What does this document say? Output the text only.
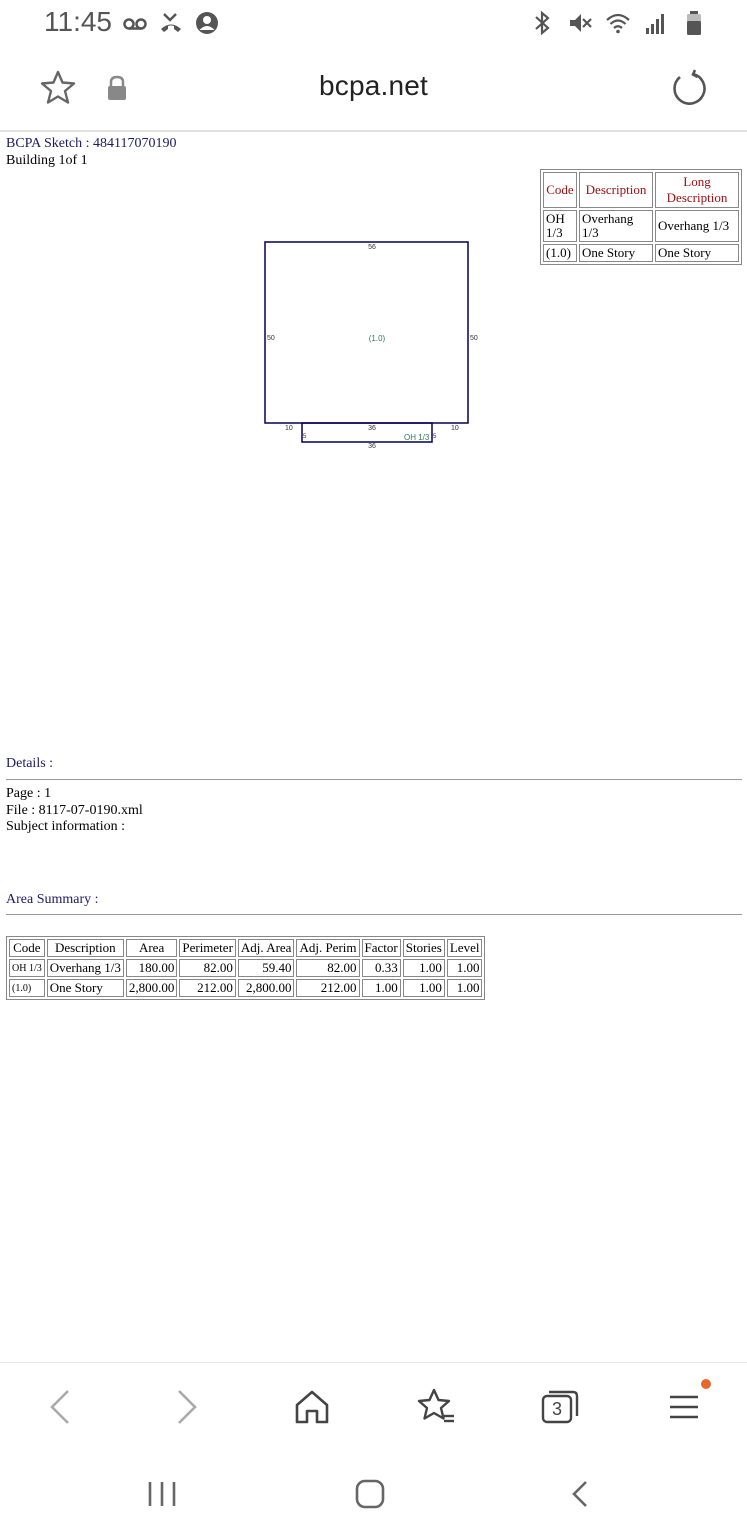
11:45
bcpa.net
BCPA Sketch : 484117070190
Building 1of 1
Code	Description	Long Description
OH 1/3	Overhang 1/3	Overhang 1/3
(1.0)	One Story	One Story
56
50	50
(1.0)
10	10
36
5	5
OH 1/3
36
Details :
Page : 1
File : 8117-07-0190.xml
Subject information :
Area Summary :
Code	Description	Area	Perimeter	Adj. Area	Adj. Perim	Factor	Stories	Level
OH 1/3	Overhang 1/3	180.00	82.00	59.40	82.00	0.33	1.00	1.00
(1.0)	One Story	2,800.00	212.00	2,800.00	212.00	1.00	1.00	1.00
3
